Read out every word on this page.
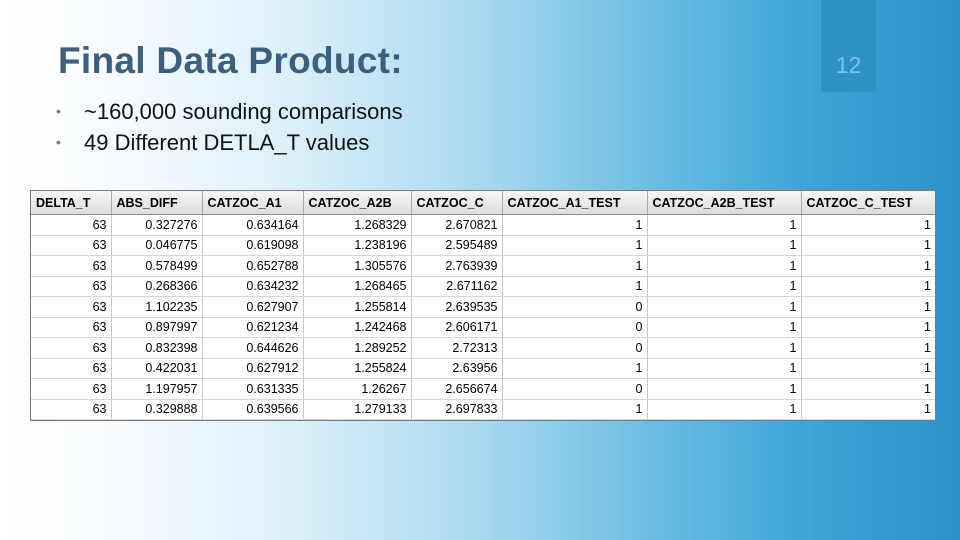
Final Data Product:	12
• ~160,000 sounding comparisons
• 49 Different DETLA_T values
DELTA_T	ABS_DIFF	CATZOC_A1	CATZOC_A2B	CATZOC_C	CATZOC_A1_TEST	CATZOC_A2B_TEST	CATZOC_C_TEST
63	0.327276	0.634164	1.268329	2.670821	1	1	1
63	0.046775	0.619098	1.238196	2.595489	1	1	1
63	0.578499	0.652788	1.305576	2.763939	1	1	1
63	0.268366	0.634232	1.268465	2.671162	1	1	1
63	1.102235	0.627907	1.255814	2.639535	0	1	1
63	0.897997	0.621234	1.242468	2.606171	0	1	1
63	0.832398	0.644626	1.289252	2.72313	0	1	1
63	0.422031	0.627912	1.255824	2.63956	1	1	1
63	1.197957	0.631335	1.26267	2.656674	0	1	1
63	0.329888	0.639566	1.279133	2.697833	1	1	1
